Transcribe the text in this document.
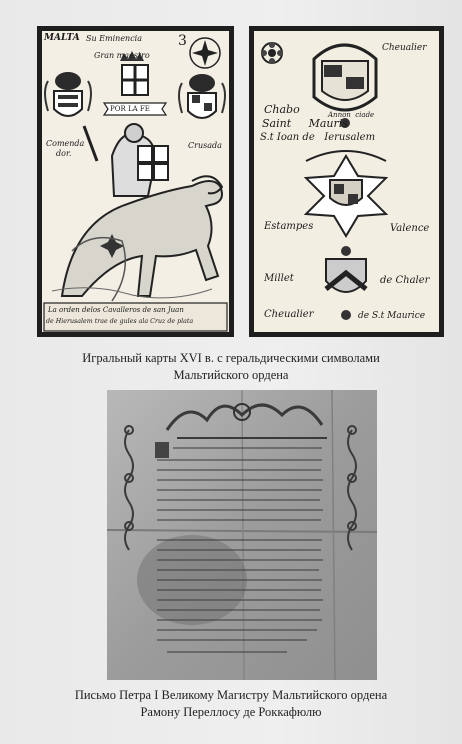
MALTA Su Eminencia	3
Gran maestro
POR LA FE
Comenda
dor.
Crusada
La orden delos Cavalleros de san Juan
de Hierusalem trae de gules ala Cruz de plata
Cheualier
Chabo
Saint     Mauris
Annon  ciade
S.t Ioan de   Ierusalem
Estampes	Valence
Millet	de Chaler
Cheualier	de S.t Maurice
Игральный карты XVI в. с геральдическими символами
Мальтийского ордена
Письмо Петра I Великому Магистру Мальтийского ордена
Рамону Переллосу де Роккафюлю
